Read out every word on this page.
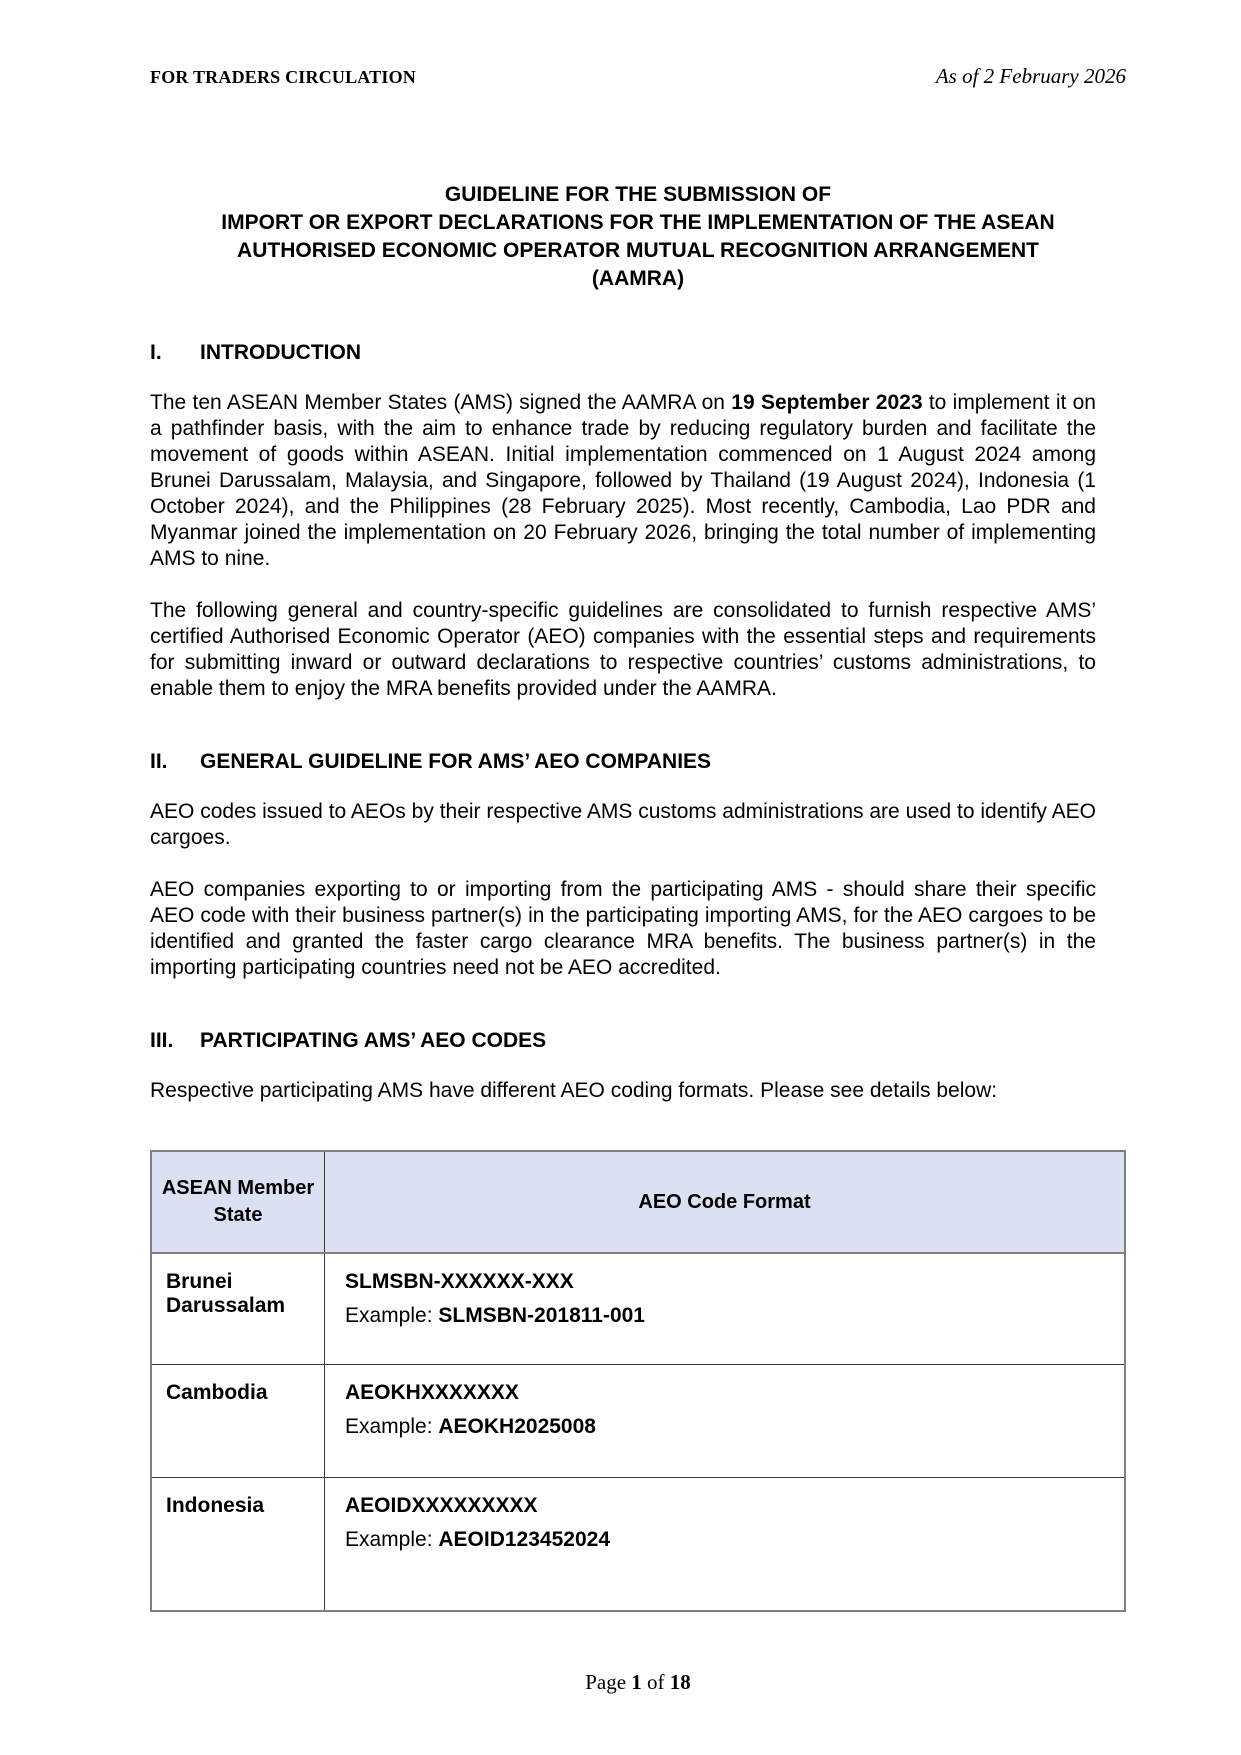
FOR TRADERS CIRCULATION	As of 2 February 2026
GUIDELINE FOR THE SUBMISSION OF
IMPORT OR EXPORT DECLARATIONS FOR THE IMPLEMENTATION OF THE ASEAN
AUTHORISED ECONOMIC OPERATOR MUTUAL RECOGNITION ARRANGEMENT
(AAMRA)
I.	INTRODUCTION

The ten ASEAN Member States (AMS) signed the AAMRA on 19 September 2023 to implement it on a pathfinder basis, with the aim to enhance trade by reducing regulatory burden and facilitate the movement of goods within ASEAN. Initial implementation commenced on 1 August 2024 among Brunei Darussalam, Malaysia, and Singapore, followed by Thailand (19 August 2024), Indonesia (1 October 2024), and the Philippines (28 February 2025). Most recently, Cambodia, Lao PDR and Myanmar joined the implementation on 20 February 2026, bringing the total number of implementing AMS to nine.

The following general and country-specific guidelines are consolidated to furnish respective AMS’ certified Authorised Economic Operator (AEO) companies with the essential steps and requirements for submitting inward or outward declarations to respective countries’ customs administrations, to enable them to enjoy the MRA benefits provided under the AAMRA.

II.	GENERAL GUIDELINE FOR AMS’ AEO COMPANIES

AEO codes issued to AEOs by their respective AMS customs administrations are used to identify AEO cargoes.

AEO companies exporting to or importing from the participating AMS - should share their specific AEO code with their business partner(s) in the participating importing AMS, for the AEO cargoes to be identified and granted the faster cargo clearance MRA benefits. The business partner(s) in the importing participating countries need not be AEO accredited.

III.	PARTICIPATING AMS’ AEO CODES

Respective participating AMS have different AEO coding formats. Please see details below:

ASEAN Member State	AEO Code Format
Brunei Darussalam	SLMSBN-XXXXXX-XXX
Example: SLMSBN-201811-001

Cambodia	AEOKHXXXXXXX
Example: AEOKH2025008

Indonesia	AEOIDXXXXXXXXX
Example: AEOID123452024
Page 1 of 18
